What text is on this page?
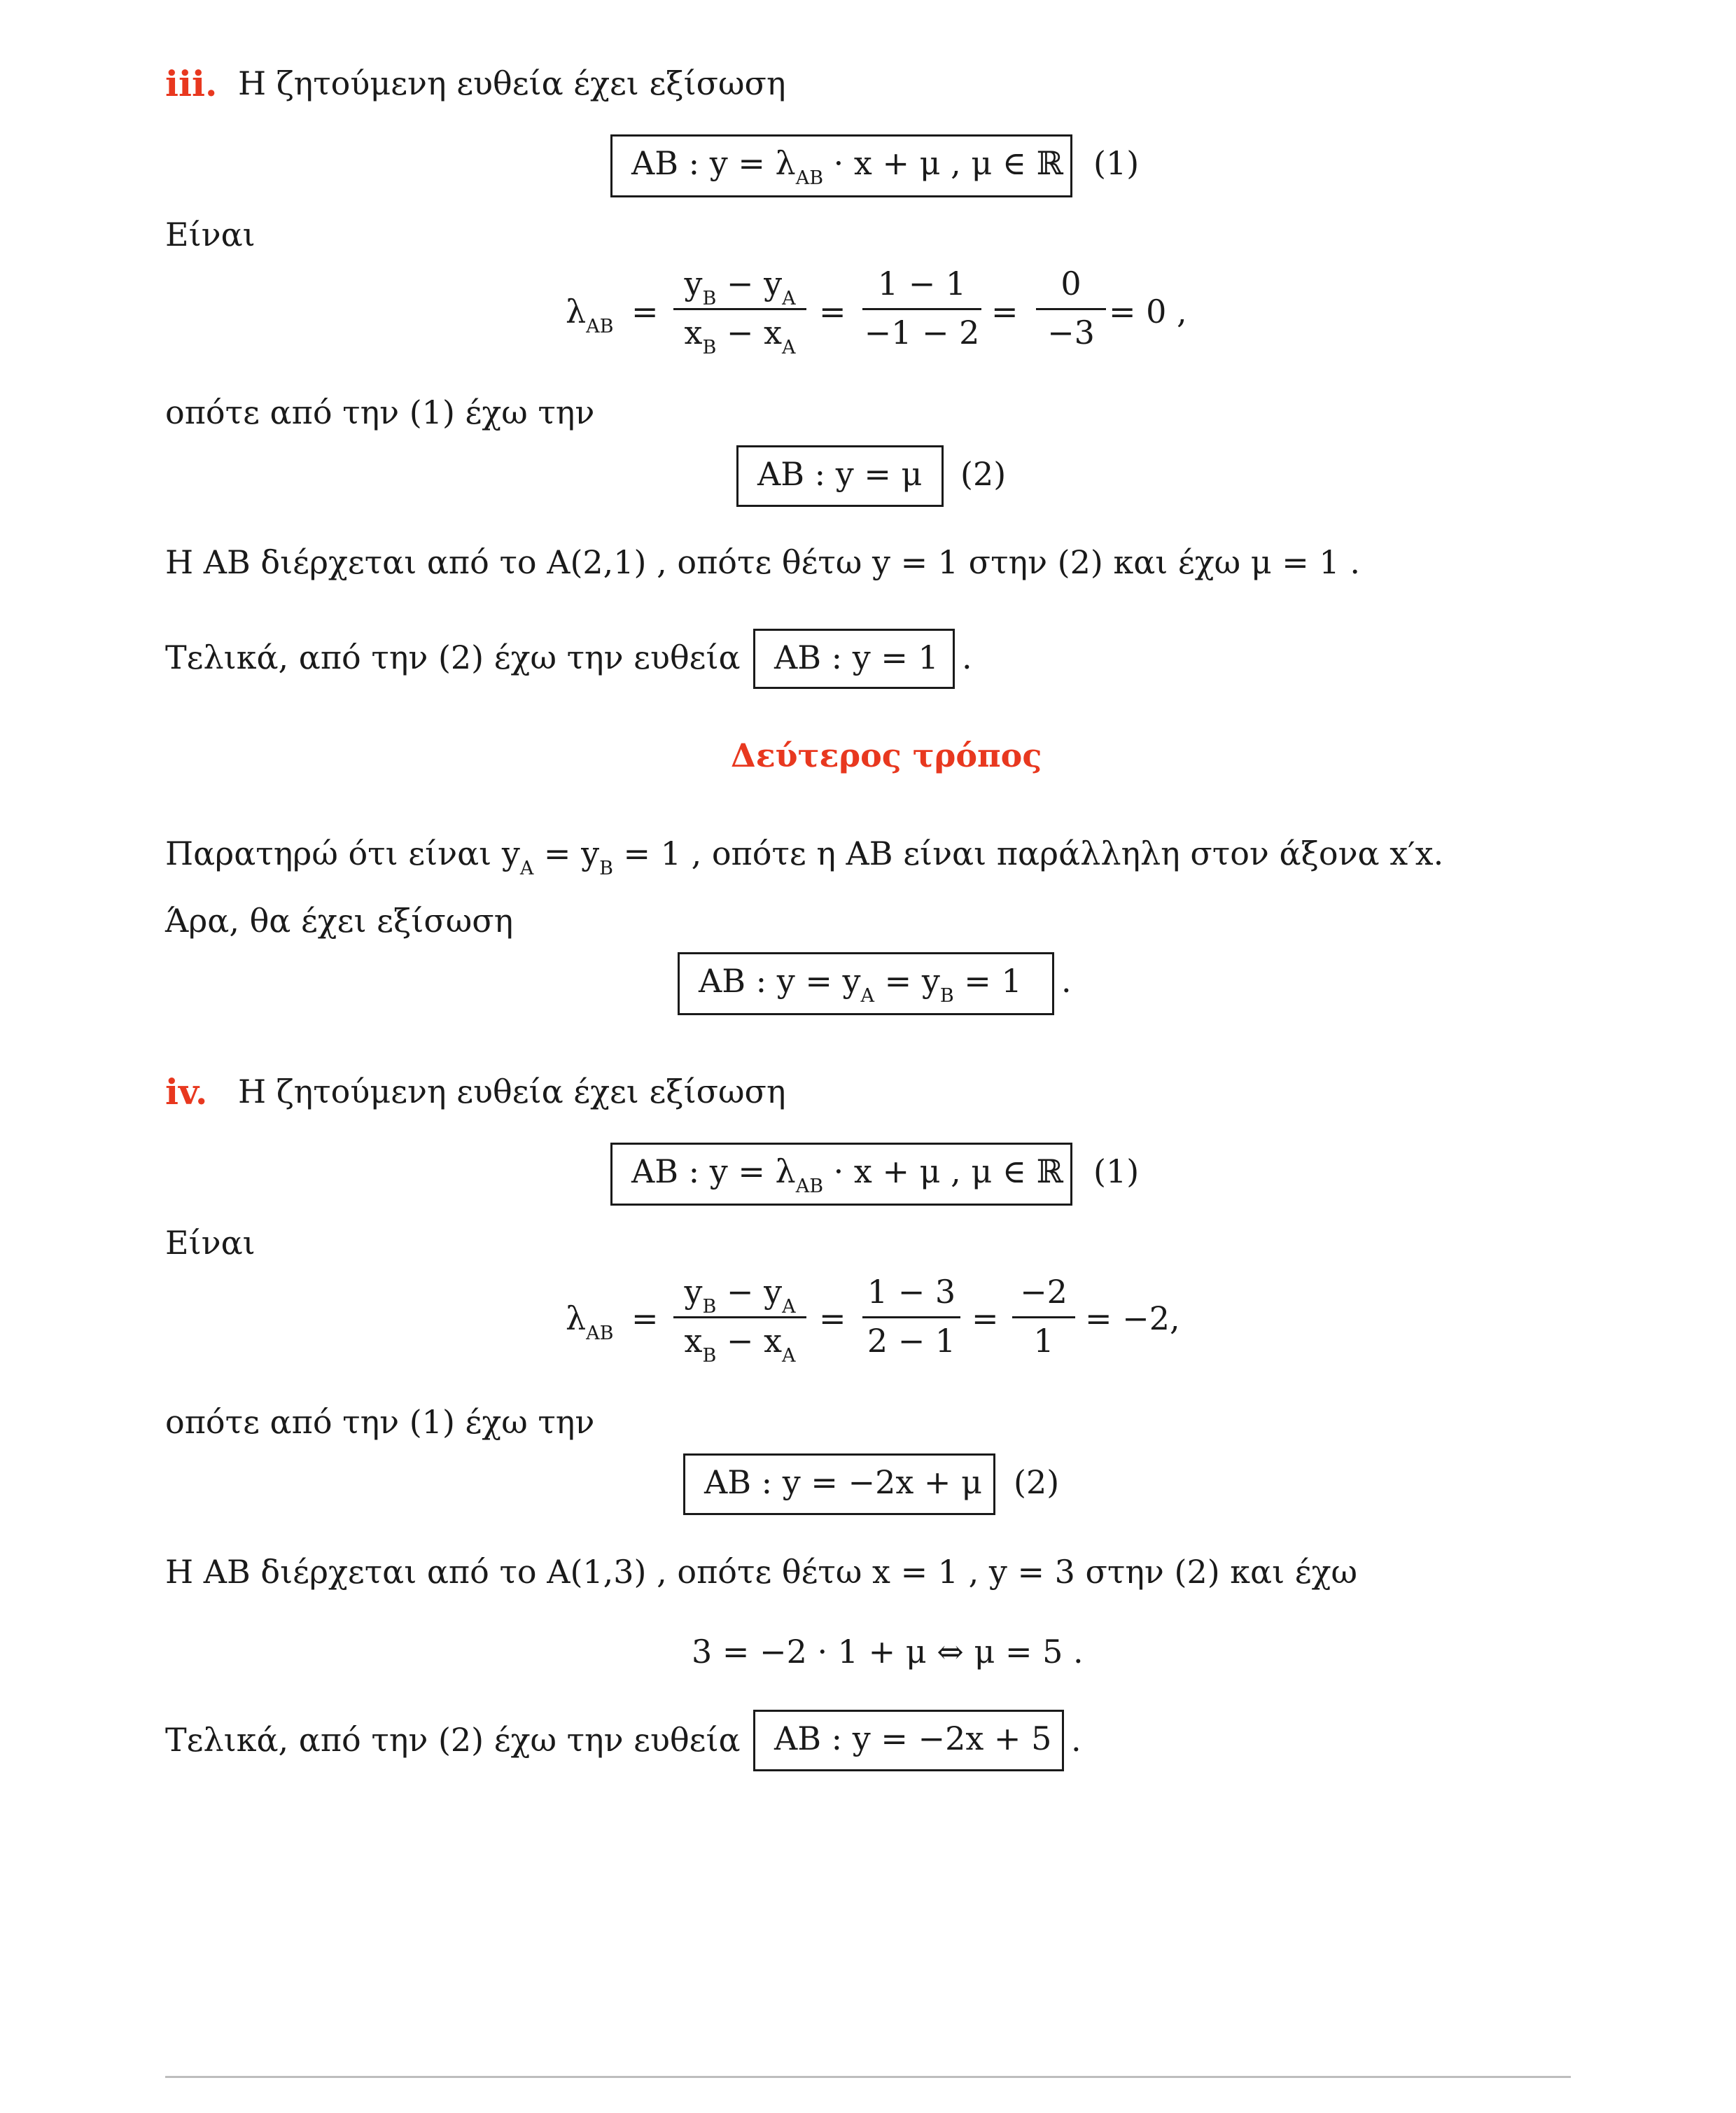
iii. Η ζητούμενη ευθεία έχει εξίσωση
AB : $y = \lambda_{AB} \cdot x + \mu$ , μ ∈ ℝ (1)
Είναι
$\lambda_{AB}$ =
$y_B - y_A$
$x_B - x_A$
=
1 − 1
−1 − 2
=
0
−3
= 0 ,
οπότε από την (1) έχω την
AB : y = μ (2)
Η AB διέρχεται από το A(2,1) , οπότε θέτω y = 1 στην (2) και έχω μ = 1 .
Τελικά, από την (2) έχω την ευθεία AB : y = 1 .
Δεύτερος τρόπος
Παρατηρώ ότι είναι $y_A = y_B = 1$ , οπότε η AB είναι παράλληλη στον άξονα x′x.
Άρα, θα έχει εξίσωση
AB : $y = y_A = y_B = 1$ .
iv. Η ζητούμενη ευθεία έχει εξίσωση
AB : $y = \lambda_{AB} \cdot x + \mu$ , μ ∈ ℝ (1)
Είναι
$\lambda_{AB}$ =
$y_B - y_A$
$x_B - x_A$
=
1 − 3
2 − 1
=
−2
1
= −2,
οπότε από την (1) έχω την
AB : y = −2x + μ (2)
Η AB διέρχεται από το A(1,3) , οπότε θέτω x = 1 , y = 3 στην (2) και έχω
3 = −2 · 1 + μ ⇔ μ = 5 .
Τελικά, από την (2) έχω την ευθεία AB : y = −2x + 5 .
